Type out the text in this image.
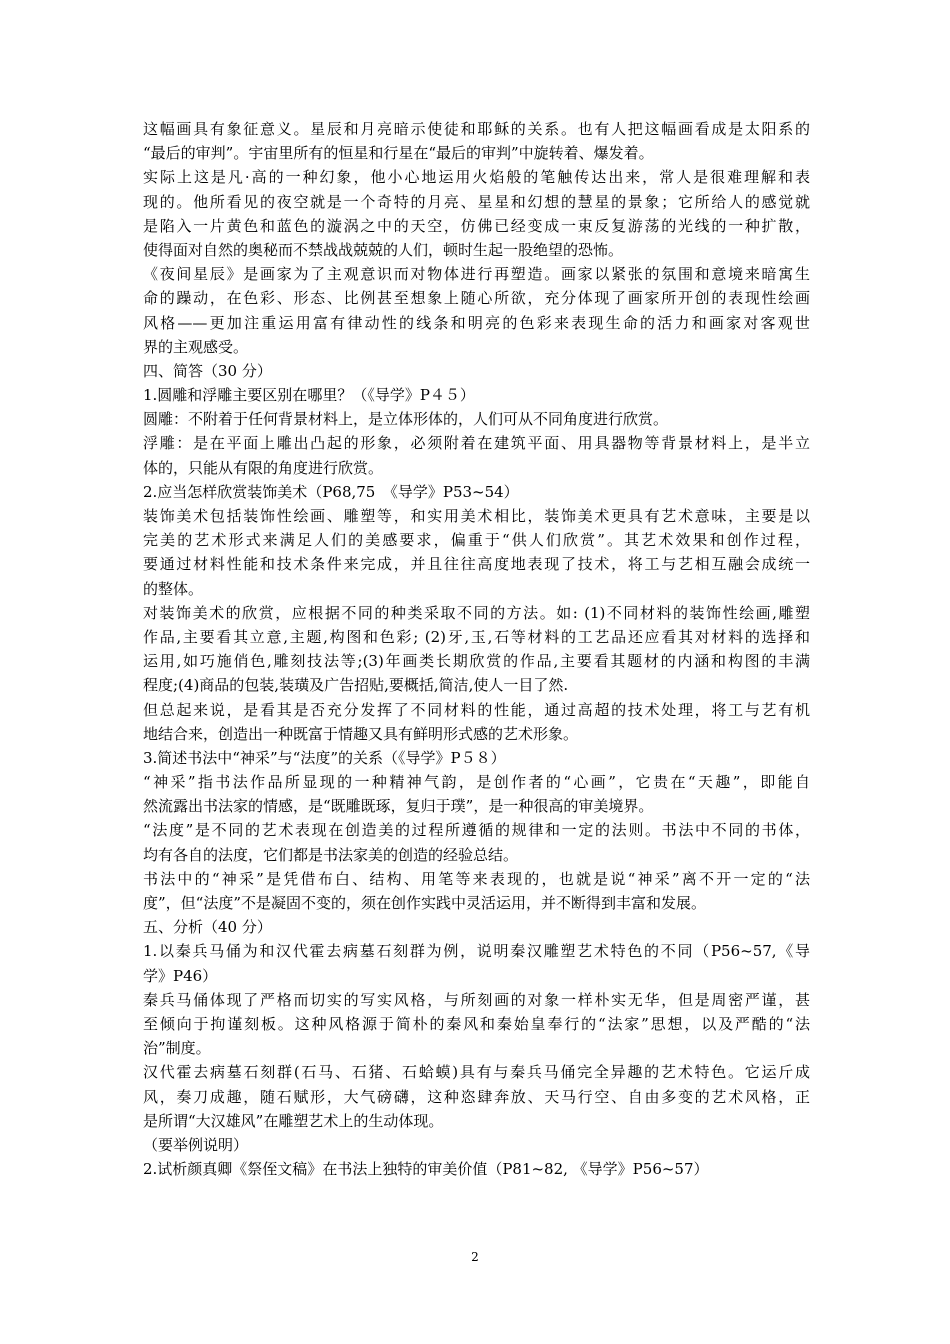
这幅画具有象征意义。星辰和月亮暗示使徒和耶稣的关系。也有人把这幅画看成是太阳系的
“最后的审判”。宇宙里所有的恒星和行星在“最后的审判”中旋转着、爆发着。
实际上这是凡·高的一种幻象，他小心地运用火焰般的笔触传达出来，常人是很难理解和表
现的。他所看见的夜空就是一个奇特的月亮、星星和幻想的慧星的景象；它所给人的感觉就
是陷入一片黄色和蓝色的漩涡之中的天空，仿佛已经变成一束反复游荡的光线的一种扩散，
使得面对自然的奥秘而不禁战战兢兢的人们，顿时生起一股绝望的恐怖。
《夜间星辰》是画家为了主观意识而对物体进行再塑造。画家以紧张的氛围和意境来暗寓生
命的躁动，在色彩、形态、比例甚至想象上随心所欲，充分体现了画家所开创的表现性绘画
风格——更加注重运用富有律动性的线条和明亮的色彩来表现生命的活力和画家对客观世
界的主观感受。
四、简答（30 分）
1.圆雕和浮雕主要区别在哪里？（《导学》P４５）
圆雕：不附着于任何背景材料上，是立体形体的，人们可从不同角度进行欣赏。
浮雕：是在平面上雕出凸起的形象，必须附着在建筑平面、用具器物等背景材料上，是半立
体的，只能从有限的角度进行欣赏。
2.应当怎样欣赏装饰美术（P68,75　《导学》P53~54）
装饰美术包括装饰性绘画、雕塑等，和实用美术相比，装饰美术更具有艺术意味，主要是以
完美的艺术形式来满足人们的美感要求，偏重于“供人们欣赏”。其艺术效果和创作过程，
要通过材料性能和技术条件来完成，并且往往高度地表现了技术，将工与艺相互融会成统一
的整体。
对装饰美术的欣赏，应根据不同的种类采取不同的方法。如: (1)不同材料的装饰性绘画,雕塑
作品,主要看其立意,主题,构图和色彩; (2)牙,玉,石等材料的工艺品还应看其对材料的选择和
运用,如巧施俏色,雕刻技法等;(3)年画类长期欣赏的作品,主要看其题材的内涵和构图的丰满
程度;(4)商品的包装,装璜及广告招贴,要概括,简洁,使人一目了然.
但总起来说，是看其是否充分发挥了不同材料的性能，通过高超的技术处理，将工与艺有机
地结合来，创造出一种既富于情趣又具有鲜明形式感的艺术形象。
3.简述书法中“神采”与“法度”的关系（《导学》P５８）
“神采”指书法作品所显现的一种精神气韵，是创作者的“心画”，它贵在“天趣”，即能自
然流露出书法家的情感，是“既雕既琢，复归于璞”，是一种很高的审美境界。
“法度”是不同的艺术表现在创造美的过程所遵循的规律和一定的法则。书法中不同的书体，
均有各自的法度，它们都是书法家美的创造的经验总结。
书法中的“神采”是凭借布白、结构、用笔等来表现的，也就是说“神采”离不开一定的“法
度”，但“法度”不是凝固不变的，须在创作实践中灵活运用，并不断得到丰富和发展。
五、分析（40 分）
1.以秦兵马俑为和汉代霍去病墓石刻群为例，说明秦汉雕塑艺术特色的不同（P56~57,《导
学》P46）
秦兵马俑体现了严格而切实的写实风格，与所刻画的对象一样朴实无华，但是周密严谨，甚
至倾向于拘谨刻板。这种风格源于简朴的秦风和秦始皇奉行的“法家”思想，以及严酷的“法
治”制度。
汉代霍去病墓石刻群(石马、石猪、石蛤蟆)具有与秦兵马俑完全异趣的艺术特色。它运斤成
风，奏刀成趣，随石赋形，大气磅礴，这种恣肆奔放、天马行空、自由多变的艺术风格，正
是所谓“大汉雄风”在雕塑艺术上的生动体现。
（要举例说明）
2.试析颜真卿《祭侄文稿》在书法上独特的审美价值（P81~82, 《导学》P56~57）
2
